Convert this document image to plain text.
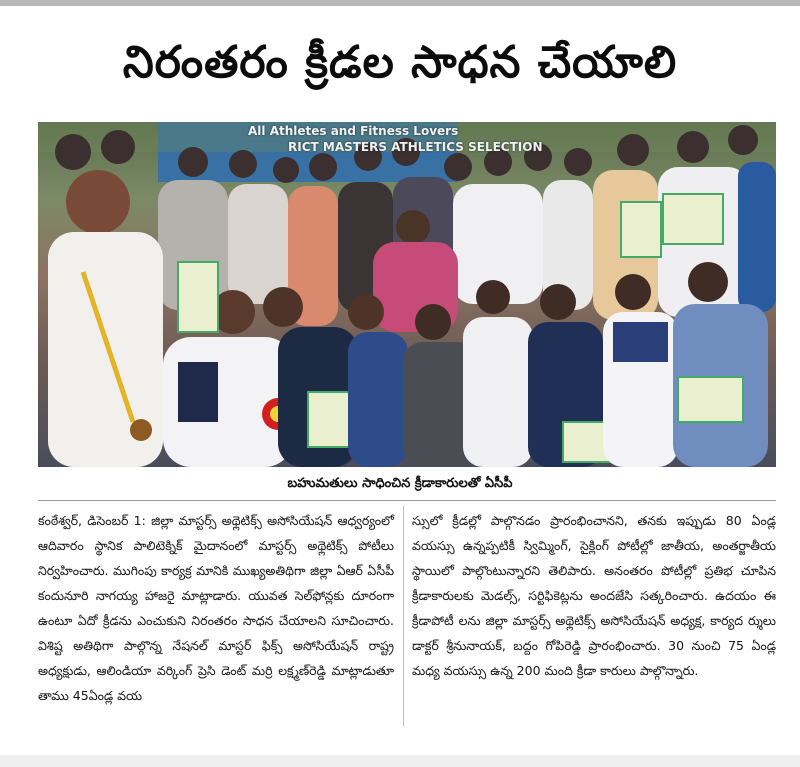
నిరంతరం క్రీడల సాధన చేయాలి
All Athletes and Fitness Lovers
RICT MASTERS ATHLETICS SELECTION
బహుమతులు సాధించిన క్రీడాకారులతో ఏసీపీ

కంఠేశ్వర్‌, డిసెంబర్‌ 1: జిల్లా మాస్టర్స్‌ అథ్లెటిక్స్‌ అసోసియేషన్‌ ఆధ్వర్యంలో ఆదివారం స్థానిక పాలిటెక్నిక్‌ మైదానంలో మాస్టర్స్‌ అథ్లెటిక్స్‌ పోటీలు నిర్వహించారు. ముగింపు కార్యక్ర మానికి ముఖ్యఅతిథిగా జిల్లా ఏఆర్‌ ఏసీపీ కందునూరి నాగయ్య హాజరై మాట్లాడారు. యువత సెల్‌ఫోన్లకు దూరంగా ఉంటూ ఏదో క్రీడను ఎంచుకుని నిరంతరం సాధన చేయాలని సూచించారు. విశిష్ట అతిథిగా పాల్గొన్న నేషనల్‌ మాస్టర్‌ ఫిక్స్‌ అసోసియేషన్‌ రాష్ట్ర అధ్యక్షుడు, ఆలిండియా వర్కింగ్‌ ప్రెసి డెంట్‌ మర్రి లక్ష్మణ్‌రెడ్డి మాట్లాడుతూ తాము 45ఏండ్ల వయ

స్సులో క్రీడల్లో పాల్గొనడం ప్రారంభించానని, తనకు ఇప్పుడు 80 ఏండ్ల వయస్సు ఉన్నప్పటికీ స్విమ్మింగ్‌, సైక్లింగ్‌ పోటీల్లో జాతీయ, అంతర్జాతీయ స్థాయిలో పాల్గొంటున్నారని తెలిపారు. అనంతరం పోటీల్లో ప్రతిభ చూపిన క్రీడాకారులకు మెడల్స్‌, సర్టిఫికెట్లను అందజేసి సత్కరించారు. ఉదయం ఈ క్రీడాపోటీ లను జిల్లా మాస్టర్స్‌ అథ్లెటిక్స్‌ అసోసియేషన్‌ అధ్యక్ష, కార్యద ర్శులు డాక్టర్‌ శ్రీనునాయక్‌, బద్దం గోపిరెడ్డి ప్రారంభించారు. 30 నుంచి 75 ఏండ్ల మధ్య వయస్సు ఉన్న 200 మంది క్రీడా కారులు పాల్గొన్నారు.
